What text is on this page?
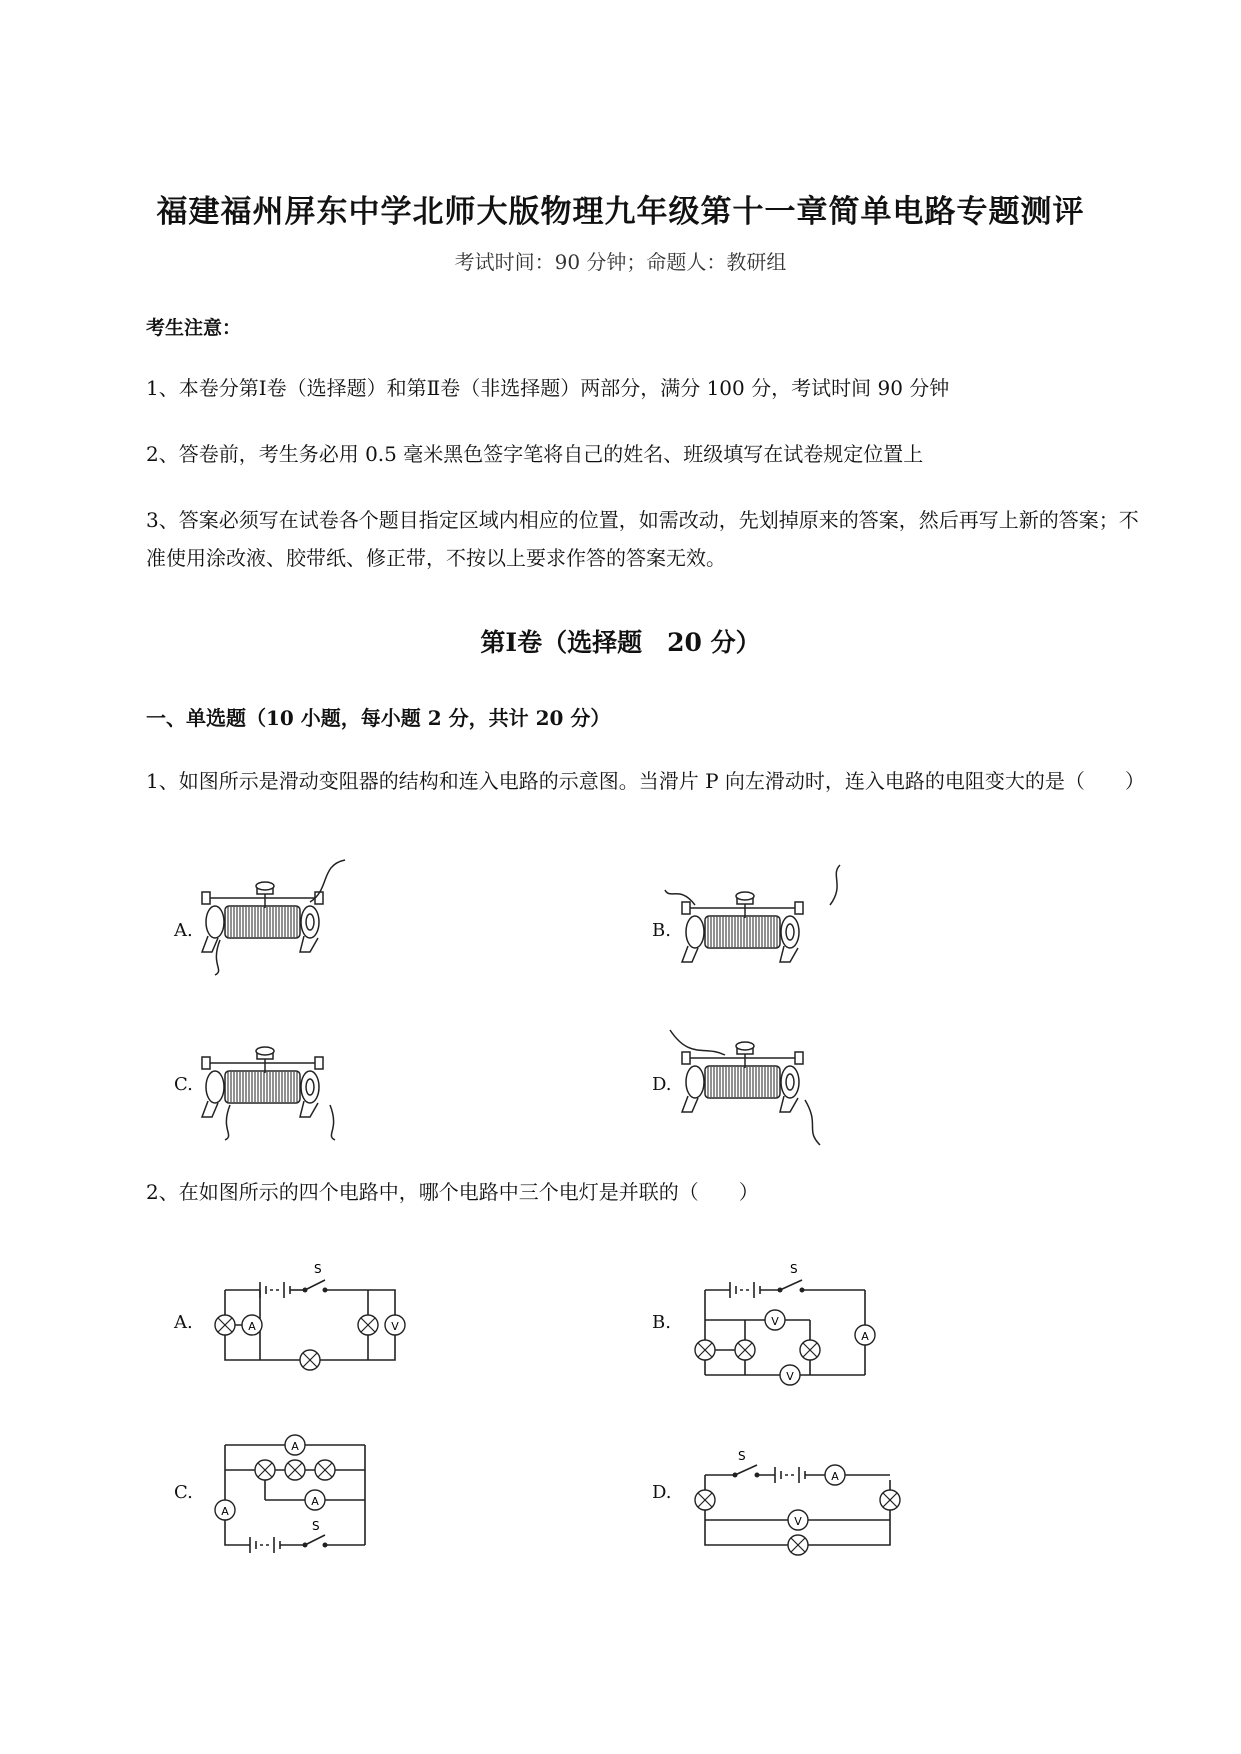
福建福州屏东中学北师大版物理九年级第十一章简单电路专题测评
考试时间：90 分钟；命题人：教研组
考生注意：
1、本卷分第Ⅰ卷（选择题）和第Ⅱ卷（非选择题）两部分，满分 100 分，考试时间 90 分钟
2、答卷前，考生务必用 0.5 毫米黑色签字笔将自己的姓名、班级填写在试卷规定位置上
3、答案必须写在试卷各个题目指定区域内相应的位置，如需改动，先划掉原来的答案，然后再写上新的答案；不准使用涂改液、胶带纸、修正带，不按以上要求作答的答案无效。
第Ⅰ卷（选择题　20 分）
一、单选题（10 小题，每小题 2 分，共计 20 分）
1、如图所示是滑动变阻器的结构和连入电路的示意图。当滑片 P 向左滑动时，连入电路的电阻变大的是（　　）
A.	B.
C.	D.
2、在如图所示的四个电路中，哪个电路中三个电灯是并联的（　　）
A.	B.
C.	D.
A	V
S
V
A
V
S
A
A
A
S
A
V
S
